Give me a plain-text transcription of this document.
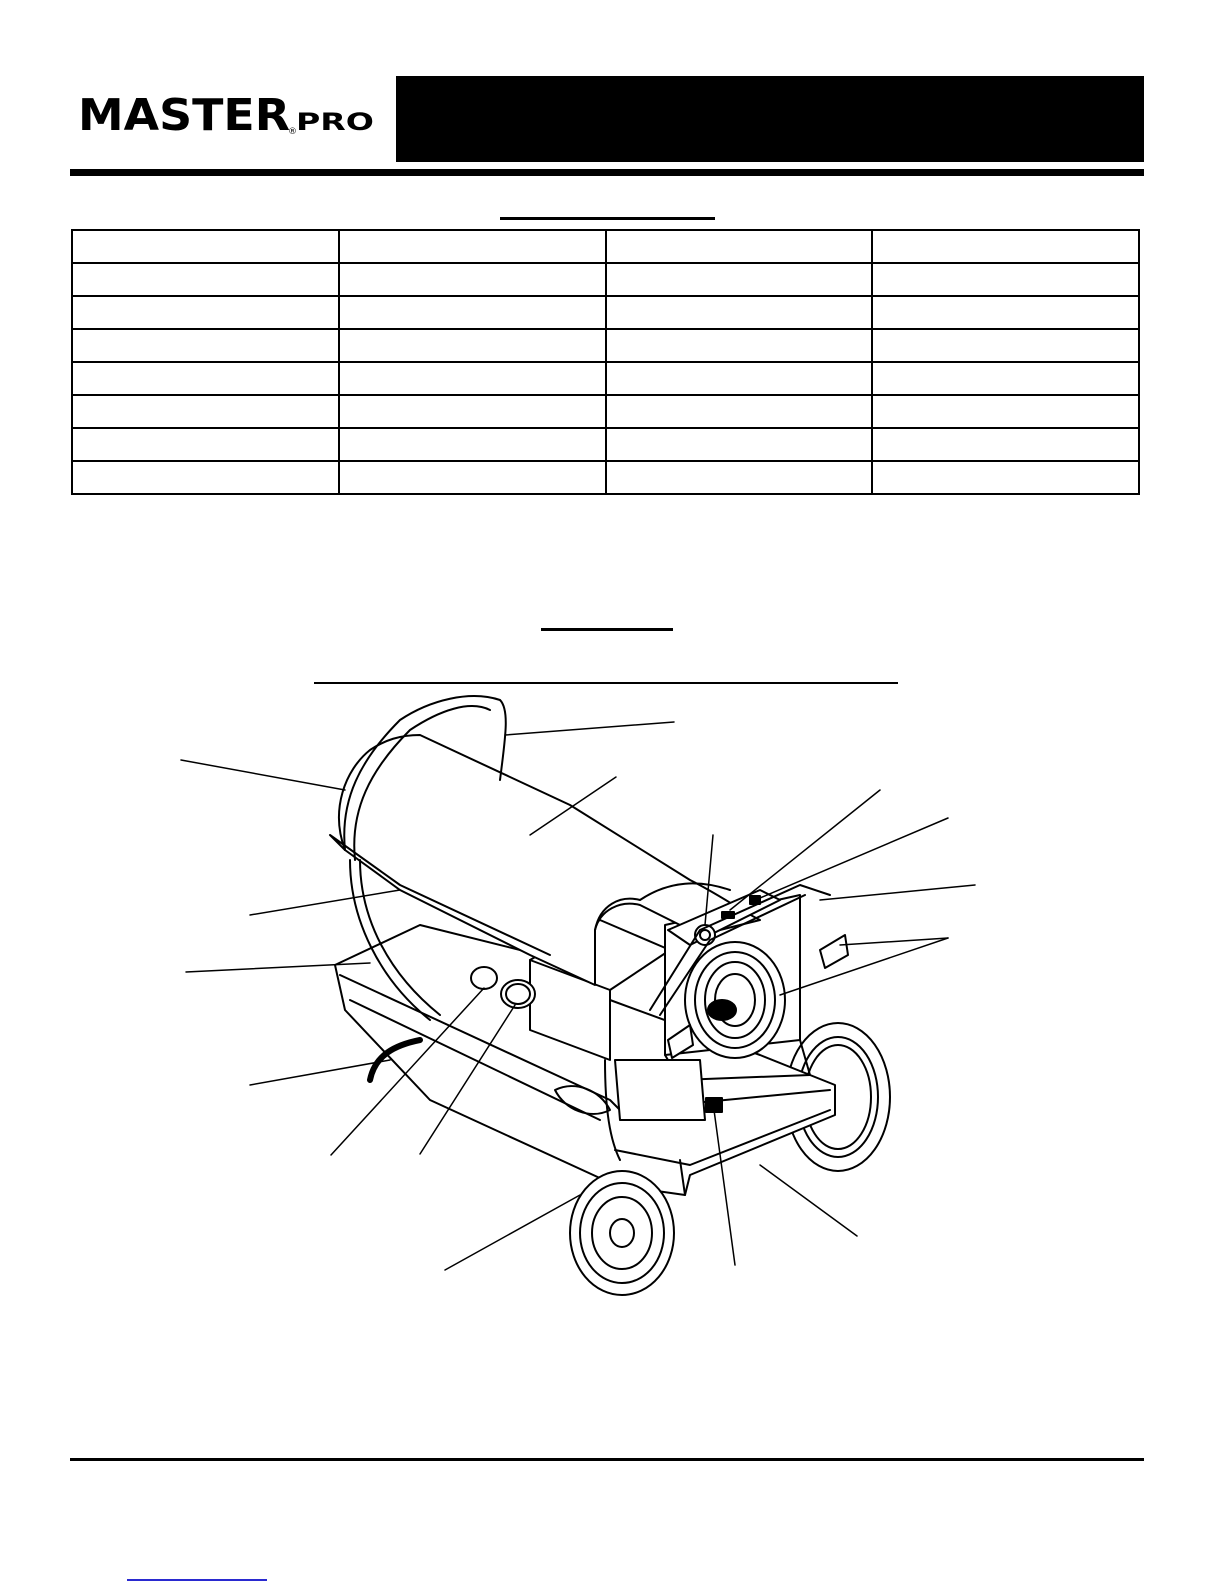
MASTER
® PRO
